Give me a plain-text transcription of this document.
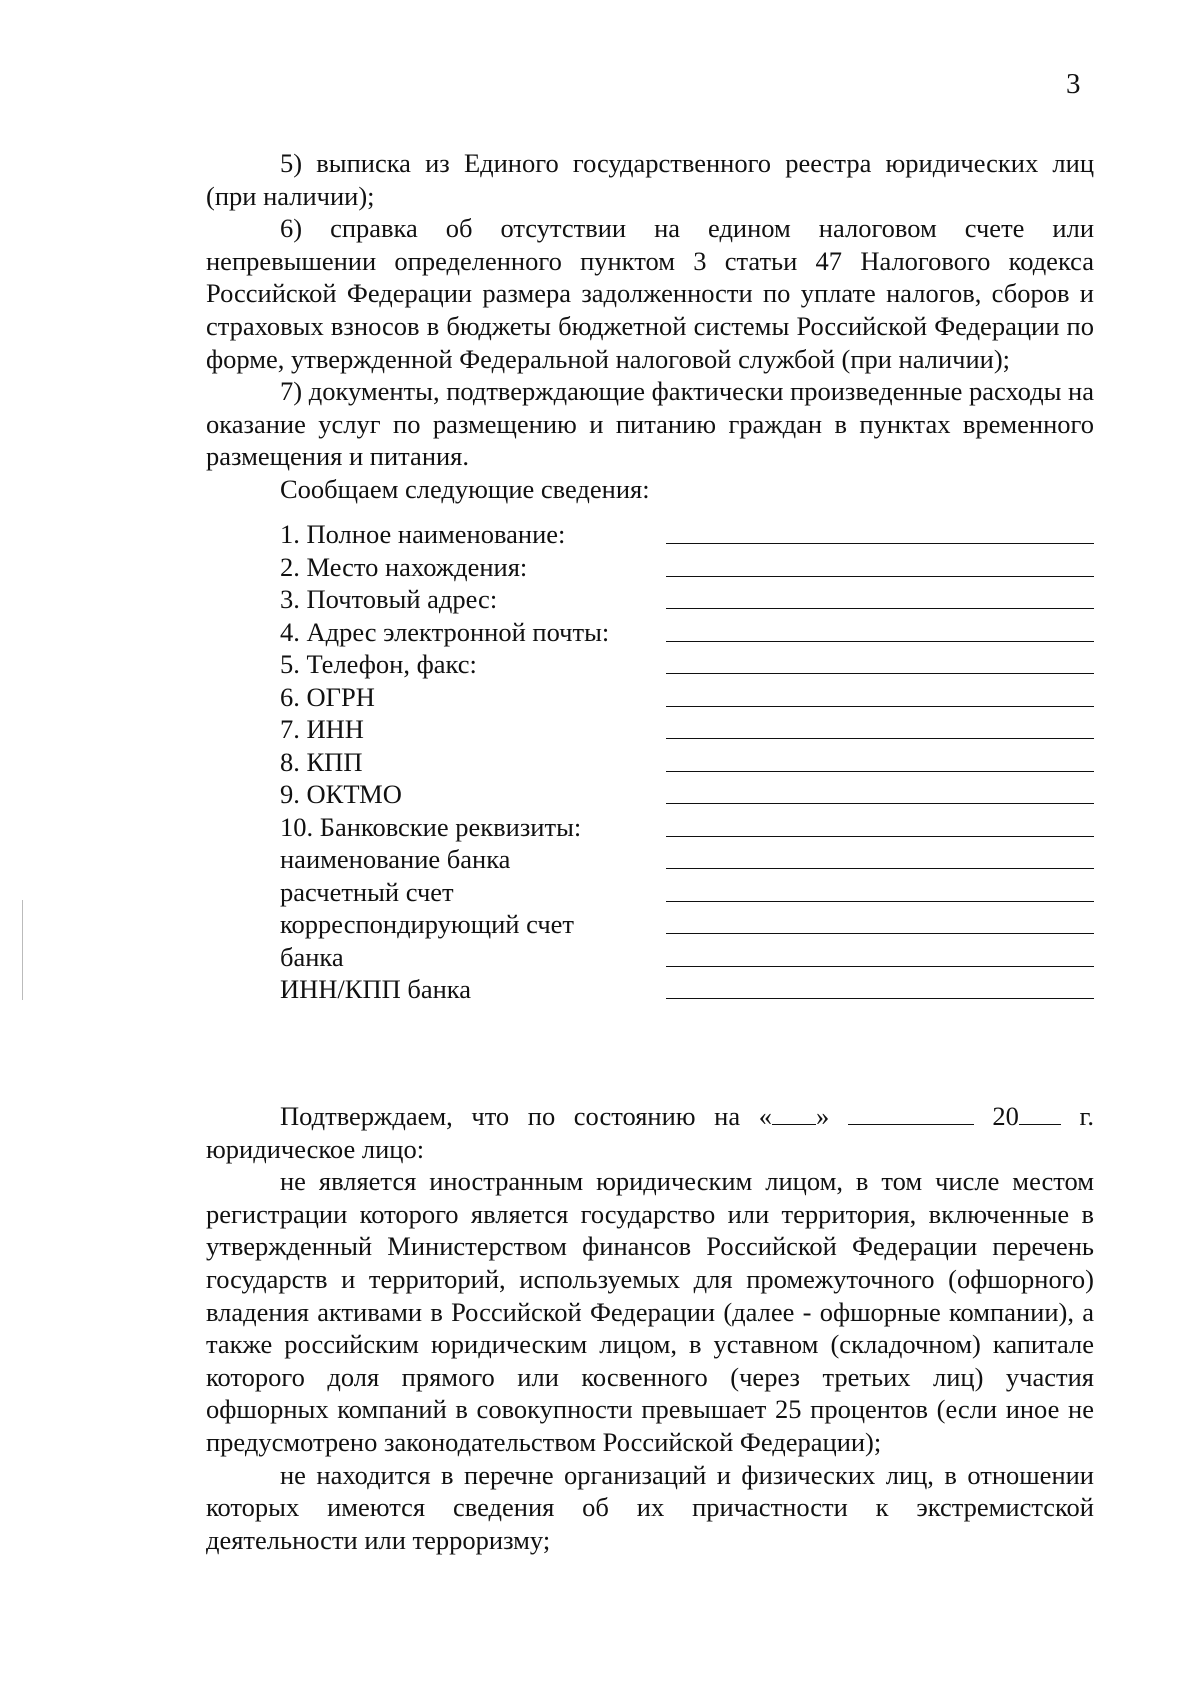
3

5) выписка из Единого государственного реестра юридических лиц (при наличии);

6) справка об отсутствии на едином налоговом счете или непревышении определенного пунктом 3 статьи 47 Налогового кодекса Российской Федерации размера задолженности по уплате налогов, сборов и страховых взносов в бюджеты бюджетной системы Российской Федерации по форме, утвержденной Федеральной налоговой службой (при наличии);

7) документы, подтверждающие фактически произведенные расходы на оказание услуг по размещению и питанию граждан в пунктах временного размещения и питания.

Сообщаем следующие сведения:

1. Полное наименование:
2. Место нахождения:
3. Почтовый адрес:
4. Адрес электронной почты:
5. Телефон, факс:
6. ОГРН
7. ИНН
8. КПП
9. ОКТМО
10. Банковские реквизиты:
наименование банка
расчетный счет
корреспондирующий счет
банка
ИНН/КПП банка

Подтверждаем, что по состоянию на « »	20 г.

юридическое лицо:

не является иностранным юридическим лицом, в том числе местом регистрации которого является государство или территория, включенные в утвержденный Министерством финансов Российской Федерации перечень государств и территорий, используемых для промежуточного (офшорного) владения активами в Российской Федерации (далее - офшорные компании), а также российским юридическим лицом, в уставном (складочном) капитале которого доля прямого или косвенного (через третьих лиц) участия офшорных компаний в совокупности превышает 25 процентов (если иное не предусмотрено законодательством Российской Федерации);

не находится в перечне организаций и физических лиц, в отношении которых имеются сведения об их причастности к экстремистской деятельности или терроризму;
